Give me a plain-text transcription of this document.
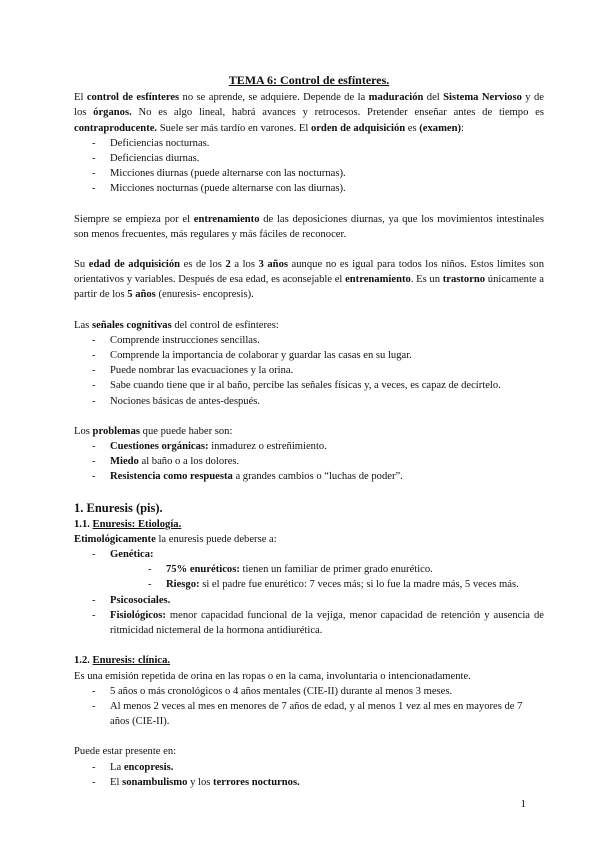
TEMA 6: Control de esfínteres.

El control de esfínteres no se aprende, se adquiere. Depende de la maduración del Sistema Nervioso y de los órganos. No es algo lineal, habrá avances y retrocesos. Pretender enseñar antes de tiempo es contraproducente. Suele ser más tardío en varones. El orden de adquisición es (examen):

- Deficiencias nocturnas.
- Deficiencias diurnas.
- Micciones diurnas (puede alternarse con las nocturnas).
- Micciones nocturnas (puede alternarse con las diurnas).

Siempre se empieza por el entrenamiento de las deposiciones diurnas, ya que los movimientos intestinales son menos frecuentes, más regulares y más fáciles de reconocer.

Su edad de adquisición es de los 2 a los 3 años aunque no es igual para todos los niños. Estos límites son orientativos y variables. Después de esa edad, es aconsejable el entrenamiento. Es un trastorno únicamente a partir de los 5 años (enuresis- encopresis).

Las señales cognitivas del control de esfínteres:

- Comprende instrucciones sencillas.
- Comprende la importancia de colaborar y guardar las casas en su lugar.
- Puede nombrar las evacuaciones y la orina.
- Sabe cuando tiene que ir al baño, percibe las señales físicas y, a veces, es capaz de decírtelo.
- Nociones básicas de antes-después.

Los problemas que puede haber son:

- Cuestiones orgánicas: inmadurez o estreñimiento.
- Miedo al baño o a los dolores.
- Resistencia como respuesta a grandes cambios o “luchas de poder”.
1. Enuresis (pis).
1.1. Enuresis: Etiología.

Etimológicamente la enuresis puede deberse a:

- Genética:
- 75% enuréticos: tienen un familiar de primer grado enurético.
- Riesgo: si el padre fue enurético: 7 veces más; si lo fue la madre más, 5 veces más.
- Psicosociales.
- Fisiológicos: menor capacidad funcional de la vejiga, menor capacidad de retención y ausencia de ritmicidad nictemeral de la hormona antidiurética.
1.2. Enuresis: clínica.

Es una emisión repetida de orina en las ropas o en la cama, involuntaria o intencionadamente.

- 5 años o más cronológicos o 4 años mentales (CIE-II) durante al menos 3 meses.
- Al menos 2 veces al mes en menores de 7 años de edad, y al menos 1 vez al mes en mayores de 7 años (CIE-II).

Puede estar presente en:

- La encopresis.
- El sonambulismo y los terrores nocturnos.
1
